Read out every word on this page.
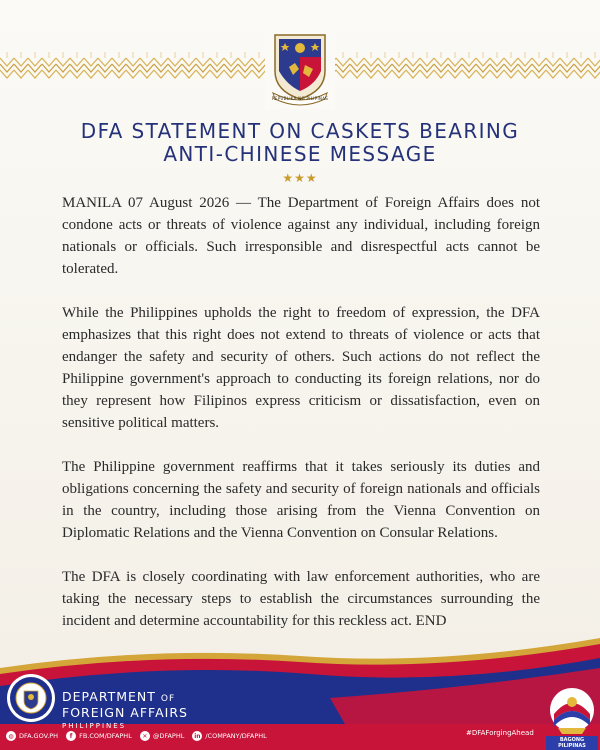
REPUBLIKA NG PILIPINAS
DFA STATEMENT ON CASKETS BEARING
ANTI-CHINESE MESSAGE
★★★

MANILA 07 August 2026 — The Department of Foreign Affairs does not condone acts or threats of violence against any individual, including foreign nationals or officials. Such irresponsible and disrespectful acts cannot be tolerated.

While the Philippines upholds the right to freedom of expression, the DFA emphasizes that this right does not extend to threats of violence or acts that endanger the safety and security of others. Such actions do not reflect the Philippine government's approach to conducting its foreign relations, nor do they represent how Filipinos express criticism or dissatisfaction, even on sensitive political matters.

The Philippine government reaffirms that it takes seriously its duties and obligations concerning the safety and security of foreign nationals and officials in the country, including those arising from the Vienna Convention on Diplomatic Relations and the Vienna Convention on Consular Relations.

The DFA is closely coordinating with law enforcement authorities, who are taking the necessary steps to establish the circumstances surrounding the incident and determine accountability for this reckless act. END

DEPARTMENT OF
FOREIGN AFFAIRS
PHILIPPINES
◍ DFA.GOV.PH	f	FB.COM/DFAPHL	✕ @DFAPHL	in /COMPANY/DFAPHL	#DFAForgingAhead
BAGONG PILIPINAS
